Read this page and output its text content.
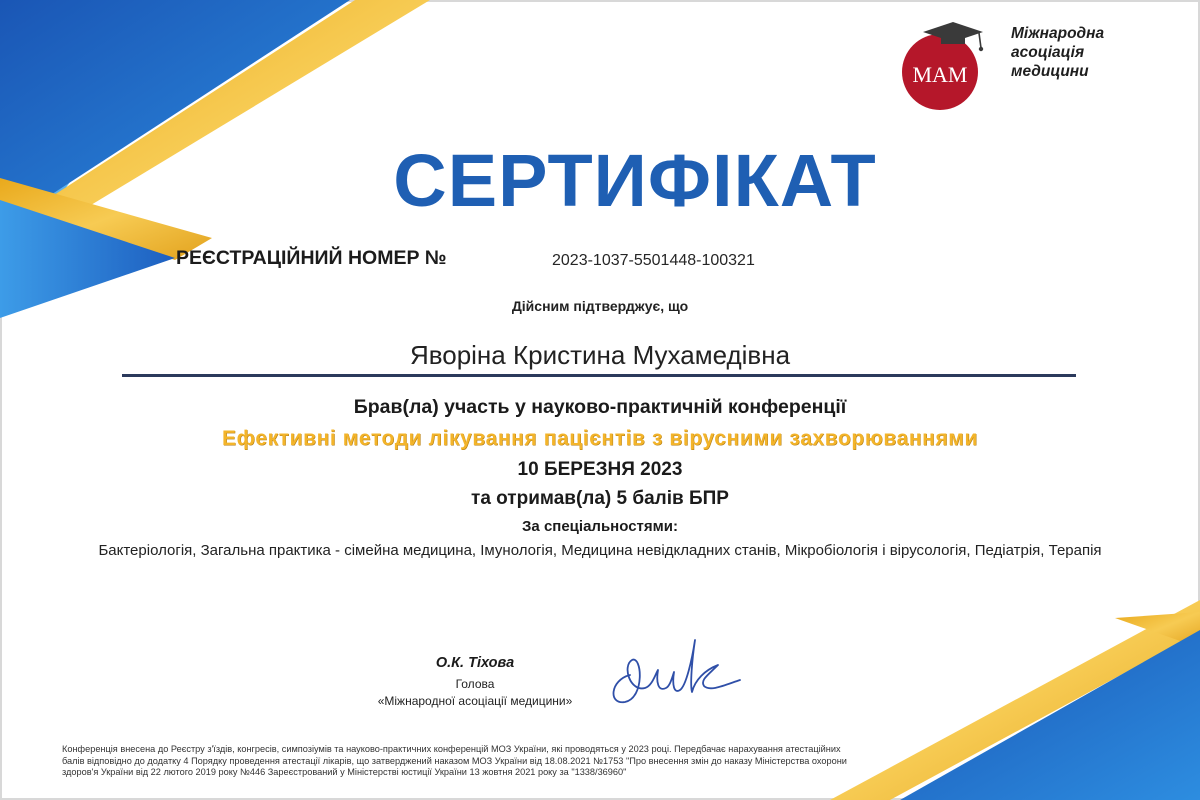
МАМ
Міжнародна
асоціація
медицини
СЕРТИФІКАТ
РЕЄСТРАЦІЙНИЙ НОМЕР №	2023-1037-5501448-100321
Дійсним підтверджує, що
Яворіна Кристина Мухамедівна
Брав(ла) участь у науково-практичній конференції
Ефективні методи лікування пацієнтів з вірусними захворюваннями
10 БЕРЕЗНЯ 2023
та отримав(ла) 5 балів БПР
За спеціальностями:
Бактеріологія, Загальна практика - сімейна медицина, Імунологія, Медицина невідкладних станів, Мікробіологія і вірусологія, Педіатрія, Терапія
О.К. Тіхова
Голова
«Міжнародної асоціації медицини»
Конференція внесена до Реєстру з'їздів, конгресів, симпозіумів та науково-практичних конференцій МОЗ України, які проводяться у 2023 році. Передбачає нарахування атестаційних балів відповідно до додатку 4 Порядку проведення атестації лікарів, що затверджений наказом МОЗ України від 18.08.2021 №1753 "Про внесення змін до наказу Міністерства охорони здоров'я України від 22 лютого 2019 року №446 Зареєстрований у Міністерстві юстиції України 13 жовтня 2021 року за "1338/36960"
